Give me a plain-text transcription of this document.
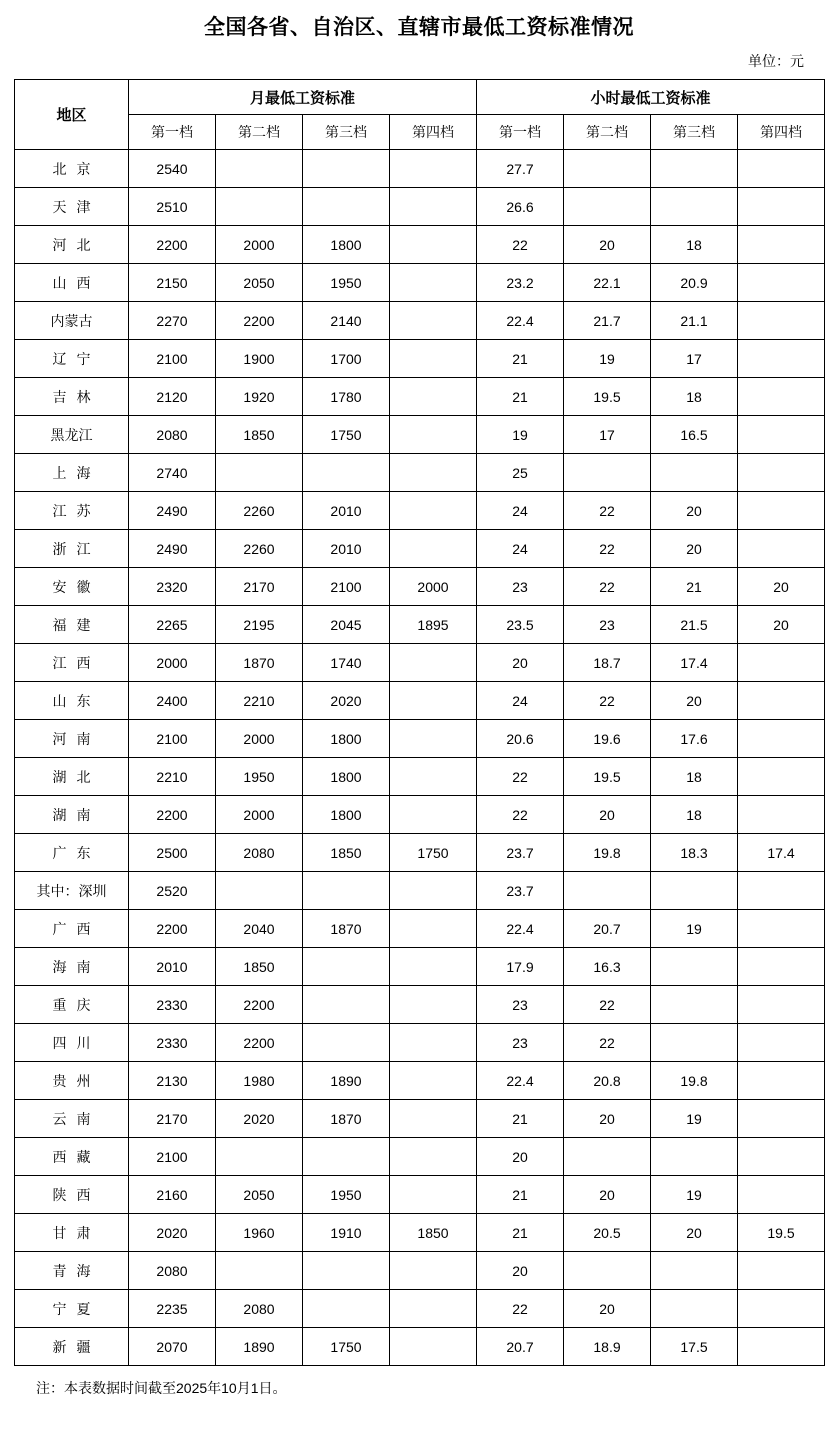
全国各省、自治区、直辖市最低工资标准情况
单位：元
地区	月最低工资标准				小时最低工资标准			
	第一档	第二档	第三档	第四档	第一档	第二档	第三档	第四档
北京	2540				27.7			
天津	2510				26.6			
河北	2200	2000	1800		22	20	18	
山西	2150	2050	1950		23.2	22.1	20.9	
内蒙古	2270	2200	2140		22.4	21.7	21.1	
辽宁	2100	1900	1700		21	19	17	
吉林	2120	1920	1780		21	19.5	18	
黑龙江	2080	1850	1750		19	17	16.5	
上海	2740				25			
江苏	2490	2260	2010		24	22	20	
浙江	2490	2260	2010		24	22	20	
安徽	2320	2170	2100	2000	23	22	21	20
福建	2265	2195	2045	1895	23.5	23	21.5	20
江西	2000	1870	1740		20	18.7	17.4	
山东	2400	2210	2020		24	22	20	
河南	2100	2000	1800		20.6	19.6	17.6	
湖北	2210	1950	1800		22	19.5	18	
湖南	2200	2000	1800		22	20	18	
广东	2500	2080	1850	1750	23.7	19.8	18.3	17.4
其中：深圳	2520				23.7			
广西	2200	2040	1870		22.4	20.7	19	
海南	2010	1850			17.9	16.3		
重庆	2330	2200			23	22		
四川	2330	2200			23	22		
贵州	2130	1980	1890		22.4	20.8	19.8	
云南	2170	2020	1870		21	20	19	
西藏	2100				20			
陕西	2160	2050	1950		21	20	19	
甘肃	2020	1960	1910	1850	21	20.5	20	19.5
青海	2080				20			
宁夏	2235	2080			22	20		
新疆	2070	1890	1750		20.7	18.9	17.5	
注：本表数据时间截至2025年10月1日。
